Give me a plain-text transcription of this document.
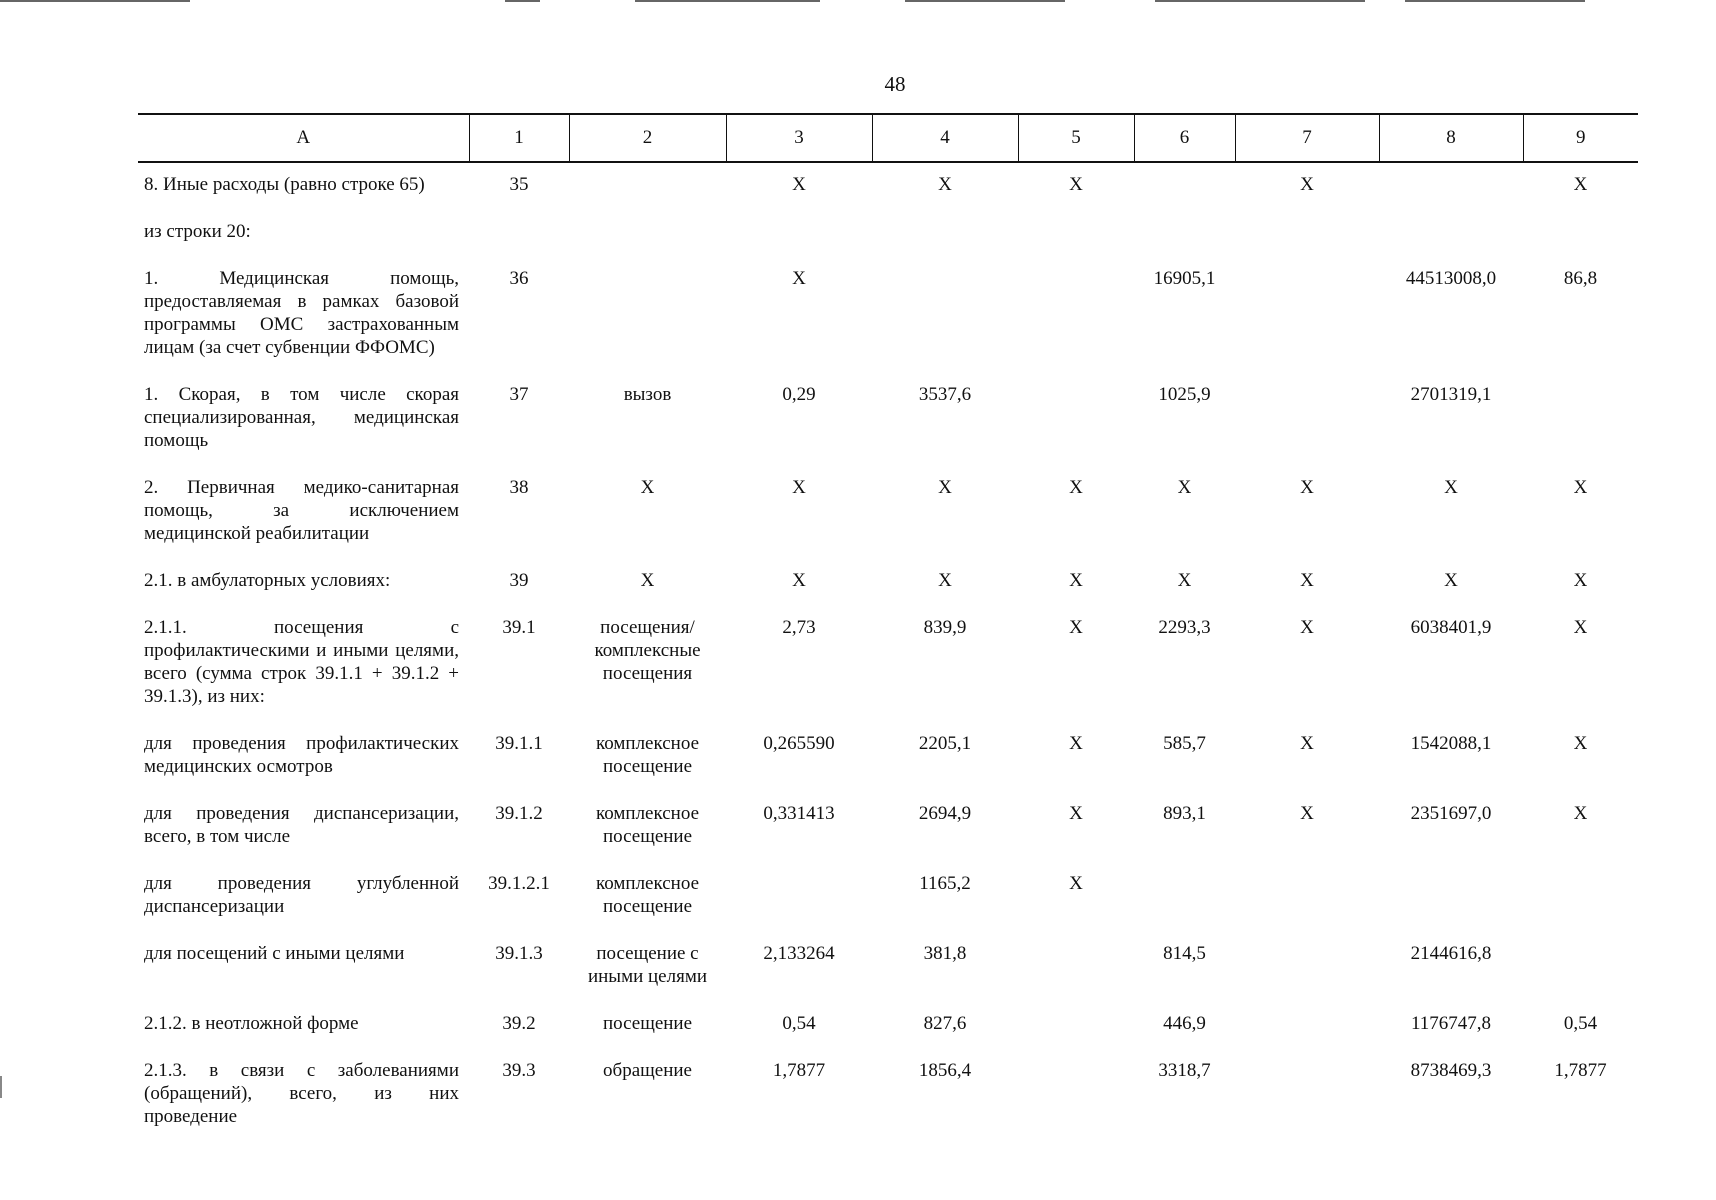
48
A	1	2	3	4	5	6	7	8	9
8. Иные расходы (равно строке 65)	35		Х	Х	Х		Х		Х
из строки 20:									
1. Медицинская помощь, предоставляемая в рамках базовой программы ОМС застрахованным лицам (за счет субвенции ФФОМС)	36		Х			16905,1		44513008,0	86,8
1. Скорая, в том числе скорая специализированная, медицинская помощь	37	вызов	0,29	3537,6		1025,9		2701319,1	
2. Первичная медико-санитарная помощь, за исключением медицинской реабилитации	38	Х	Х	Х	Х	Х	Х	Х	Х
2.1. в амбулаторных условиях:	39	Х	Х	Х	Х	Х	Х	Х	Х
2.1.1. посещения с профилактическими и иными целями, всего (сумма строк 39.1.1 + 39.1.2 + 39.1.3), из них:	39.1	посещения/ комплексные посещения	2,73	839,9	Х	2293,3	Х	6038401,9	Х
для проведения профилактических медицинских осмотров	39.1.1	комплексное посещение	0,265590	2205,1	Х	585,7	Х	1542088,1	Х
для проведения диспансеризации, всего, в том числе	39.1.2	комплексное посещение	0,331413	2694,9	Х	893,1	Х	2351697,0	Х
для проведения углубленной диспансеризации	39.1.2.1	комплексное посещение		1165,2	Х				
для посещений с иными целями	39.1.3	посещение с иными целями	2,133264	381,8		814,5		2144616,8	
2.1.2. в неотложной форме	39.2	посещение	0,54	827,6		446,9		1176747,8	0,54
2.1.3. в связи с заболеваниями (обращений), всего, из них проведение	39.3	обращение	1,7877	1856,4		3318,7		8738469,3	1,7877
